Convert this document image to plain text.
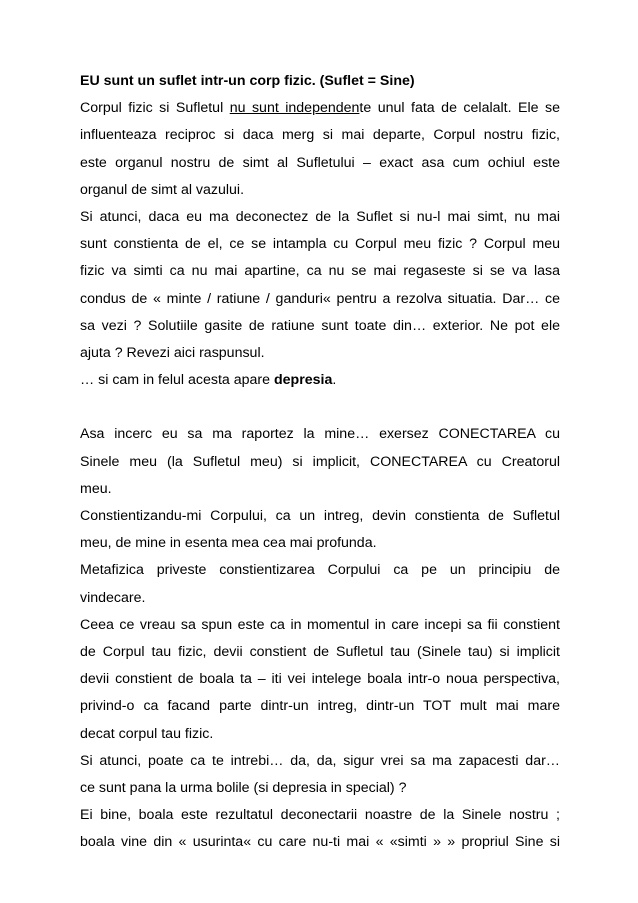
EU sunt un suflet intr-un corp fizic. (Suflet = Sine)
Corpul fizic si Sufletul nu sunt independente unul fata de celalalt. Ele se
influenteaza reciproc si daca merg si mai departe, Corpul nostru fizic,
este organul nostru de simt al Sufletului – exact asa cum ochiul este
organul de simt al vazului.
Si atunci, daca eu ma deconectez de la Suflet si nu-l mai simt, nu mai
sunt constienta de el, ce se intampla cu Corpul meu fizic ? Corpul meu
fizic va simti ca nu mai apartine, ca nu se mai regaseste si se va lasa
condus de « minte / ratiune / ganduri« pentru a rezolva situatia. Dar… ce
sa vezi ? Solutiile gasite de ratiune sunt toate din… exterior. Ne pot ele
ajuta ? Revezi aici raspunsul.
… si cam in felul acesta apare depresia.
Asa incerc eu sa ma raportez la mine… exersez CONECTAREA cu
Sinele meu (la Sufletul meu) si implicit, CONECTAREA cu Creatorul
meu.
Constientizandu-mi Corpului, ca un intreg, devin constienta de Sufletul
meu, de mine in esenta mea cea mai profunda.
Metafizica priveste constientizarea Corpului ca pe un principiu de
vindecare.
Ceea ce vreau sa spun este ca in momentul in care incepi sa fii constient
de Corpul tau fizic, devii constient de Sufletul tau (Sinele tau) si implicit
devii constient de boala ta – iti vei intelege boala intr-o noua perspectiva,
privind-o ca facand parte dintr-un intreg, dintr-un TOT mult mai mare
decat corpul tau fizic.
Si atunci, poate ca te intrebi… da, da, sigur vrei sa ma zapacesti dar…
ce sunt pana la urma bolile (si depresia in special) ?
Ei bine, boala este rezultatul deconectarii noastre de la Sinele nostru ;
boala vine din « usurinta« cu care nu-ti mai « «simti » » propriul Sine si
